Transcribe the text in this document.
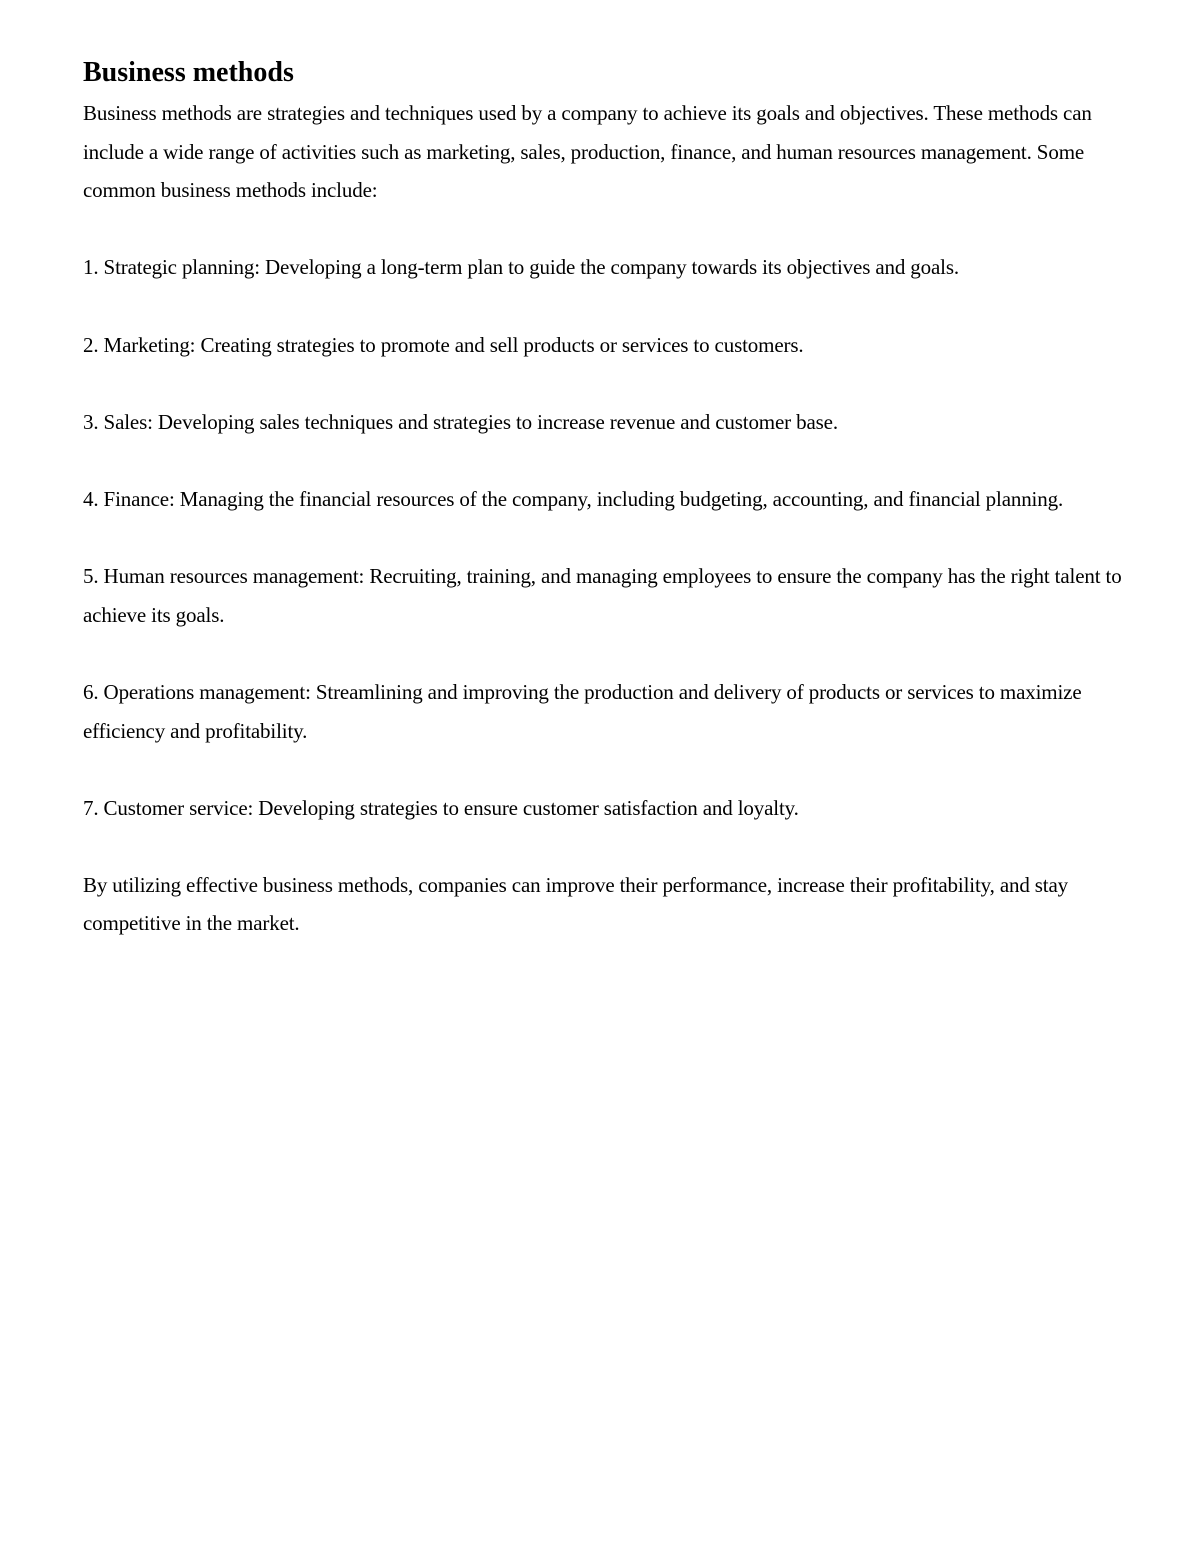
Business methods

Business methods are strategies and techniques used by a company to achieve its goals and objectives. These methods can include a wide range of activities such as marketing, sales, production, finance, and human resources management. Some common business methods include:

1. Strategic planning: Developing a long-term plan to guide the company towards its objectives and goals.

2. Marketing: Creating strategies to promote and sell products or services to customers.

3. Sales: Developing sales techniques and strategies to increase revenue and customer base.

4. Finance: Managing the financial resources of the company, including budgeting, accounting, and financial planning.

5. Human resources management: Recruiting, training, and managing employees to ensure the company has the right talent to achieve its goals.

6. Operations management: Streamlining and improving the production and delivery of products or services to maximize efficiency and profitability.

7. Customer service: Developing strategies to ensure customer satisfaction and loyalty.

By utilizing effective business methods, companies can improve their performance, increase their profitability, and stay competitive in the market.
